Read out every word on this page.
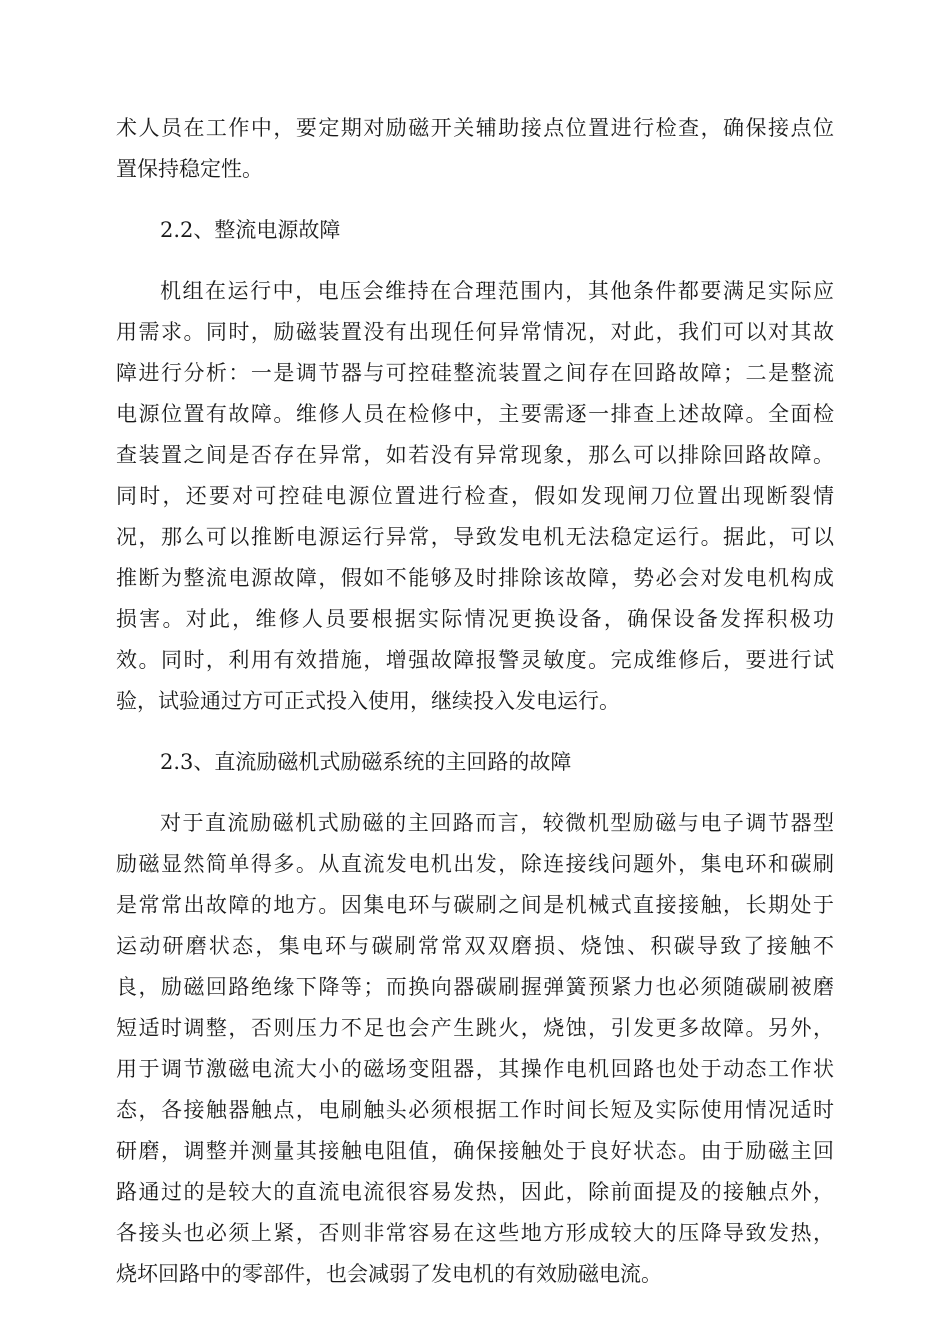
术人员在工作中，要定期对励磁开关辅助接点位置进行检查，确保接点位
置保持稳定性。
2.2、整流电源故障
机组在运行中，电压会维持在合理范围内，其他条件都要满足实际应
用需求。同时，励磁装置没有出现任何异常情况，对此，我们可以对其故
障进行分析：一是调节器与可控硅整流装置之间存在回路故障；二是整流
电源位置有故障。维修人员在检修中，主要需逐一排查上述故障。全面检
查装置之间是否存在异常，如若没有异常现象，那么可以排除回路故障。
同时，还要对可控硅电源位置进行检查，假如发现闸刀位置出现断裂情
况，那么可以推断电源运行异常，导致发电机无法稳定运行。据此，可以
推断为整流电源故障，假如不能够及时排除该故障，势必会对发电机构成
损害。对此，维修人员要根据实际情况更换设备，确保设备发挥积极功
效。同时，利用有效措施，增强故障报警灵敏度。完成维修后，要进行试
验，试验通过方可正式投入使用，继续投入发电运行。
2.3、直流励磁机式励磁系统的主回路的故障
对于直流励磁机式励磁的主回路而言，较微机型励磁与电子调节器型
励磁显然简单得多。从直流发电机出发，除连接线问题外，集电环和碳刷
是常常出故障的地方。因集电环与碳刷之间是机械式直接接触，长期处于
运动研磨状态，集电环与碳刷常常双双磨损、烧蚀、积碳导致了接触不
良，励磁回路绝缘下降等；而换向器碳刷握弹簧预紧力也必须随碳刷被磨
短适时调整，否则压力不足也会产生跳火，烧蚀，引发更多故障。另外，
用于调节激磁电流大小的磁场变阻器，其操作电机回路也处于动态工作状
态，各接触器触点，电刷触头必须根据工作时间长短及实际使用情况适时
研磨，调整并测量其接触电阻值，确保接触处于良好状态。由于励磁主回
路通过的是较大的直流电流很容易发热，因此，除前面提及的接触点外，
各接头也必须上紧，否则非常容易在这些地方形成较大的压降导致发热，
烧坏回路中的零部件，也会减弱了发电机的有效励磁电流。
